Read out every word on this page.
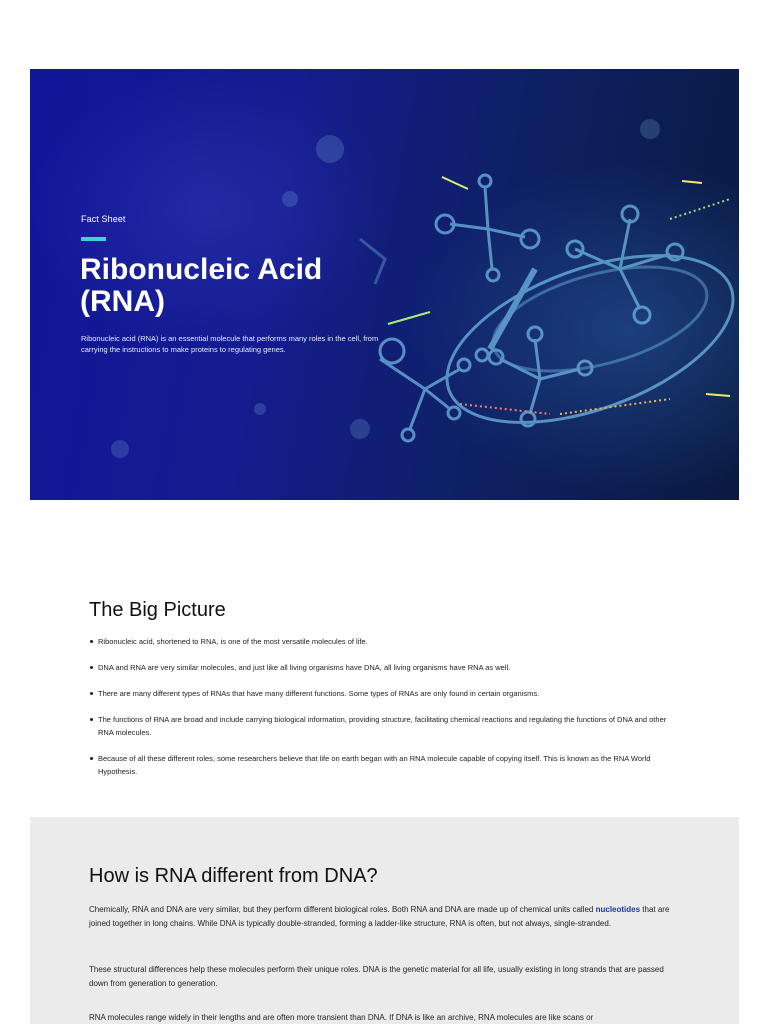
Fact Sheet
Ribonucleic Acid (RNA)

Ribonucleic acid (RNA) is an essential molecule that performs many roles in the cell, from carrying the instructions to make proteins to regulating genes.

The Big Picture
Ribonucleic acid, shortened to RNA, is one of the most versatile molecules of life.
DNA and RNA are very similar molecules, and just like all living organisms have DNA, all living organisms have RNA as well.
There are many different types of RNAs that have many different functions. Some types of RNAs are only found in certain organisms.
The functions of RNA are broad and include carrying biological information, providing structure, facilitating chemical reactions and regulating the functions of DNA and other RNA molecules.
Because of all these different roles, some researchers believe that life on earth began with an RNA molecule capable of copying itself. This is known as the RNA World Hypothesis.
How is RNA different from DNA?

Chemically, RNA and DNA are very similar, but they perform different biological roles. Both RNA and DNA are made up of chemical units called nucleotides that are joined together in long chains. While DNA is typically double-stranded, forming a ladder-like structure, RNA is often, but not always, single-stranded.

These structural differences help these molecules perform their unique roles. DNA is the genetic material for all life, usually existing in long strands that are passed down from generation to generation.

RNA molecules range widely in their lengths and are often more transient than DNA. If DNA is like an archive, RNA molecules are like scans or
